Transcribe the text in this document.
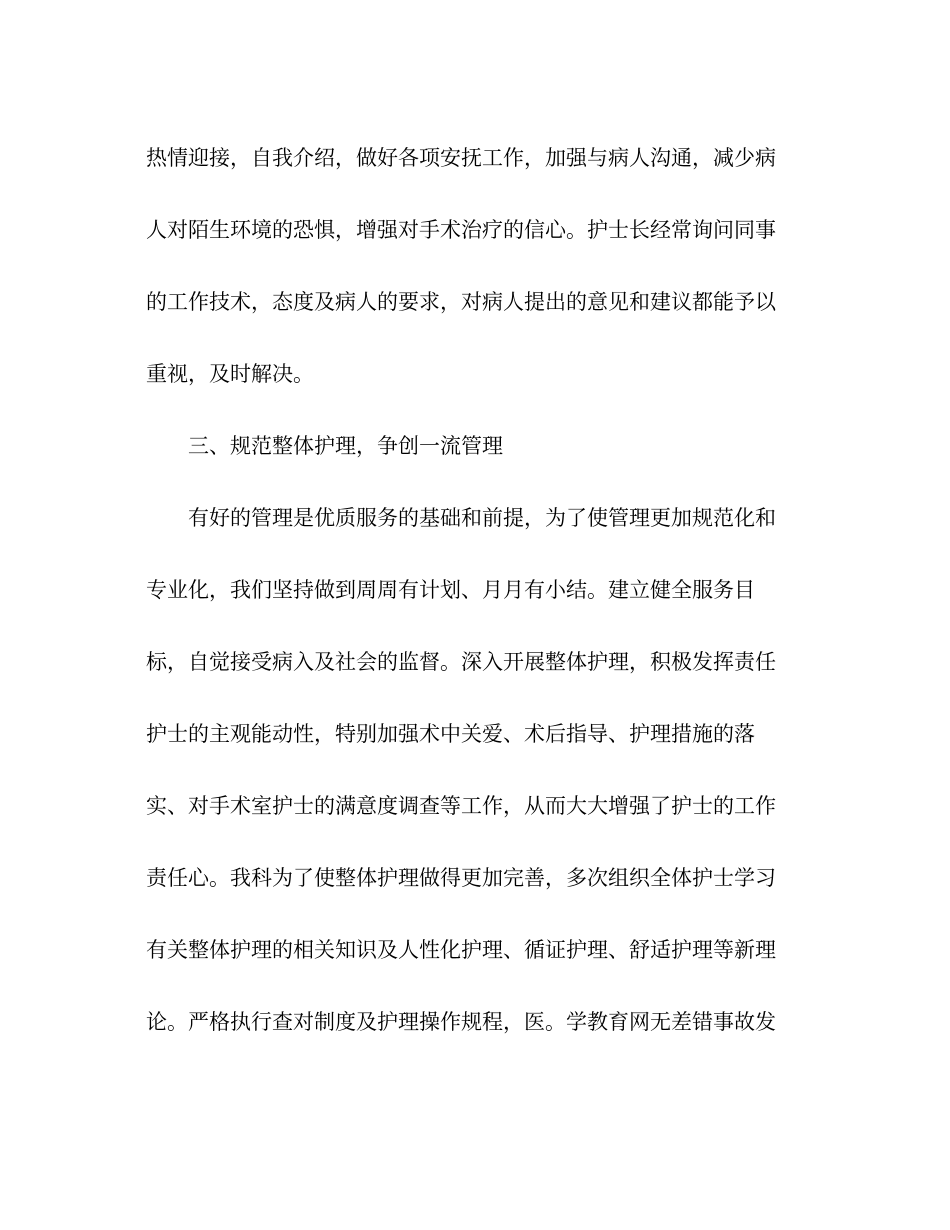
热情迎接，自我介绍，做好各项安抚工作，加强与病人沟通，减少病
人对陌生环境的恐惧，增强对手术治疗的信心。护士长经常询问同事
的工作技术，态度及病人的要求，对病人提出的意见和建议都能予以
重视，及时解决。
三、规范整体护理，争创一流管理
有好的管理是优质服务的基础和前提，为了使管理更加规范化和
专业化，我们坚持做到周周有计划、月月有小结。建立健全服务目
标，自觉接受病入及社会的监督。深入开展整体护理，积极发挥责任
护士的主观能动性，特别加强术中关爱、术后指导、护理措施的落
实、对手术室护士的满意度调查等工作，从而大大增强了护士的工作
责任心。我科为了使整体护理做得更加完善，多次组织全体护士学习
有关整体护理的相关知识及人性化护理、循证护理、舒适护理等新理
论。严格执行查对制度及护理操作规程，医。学教育网无差错事故发
